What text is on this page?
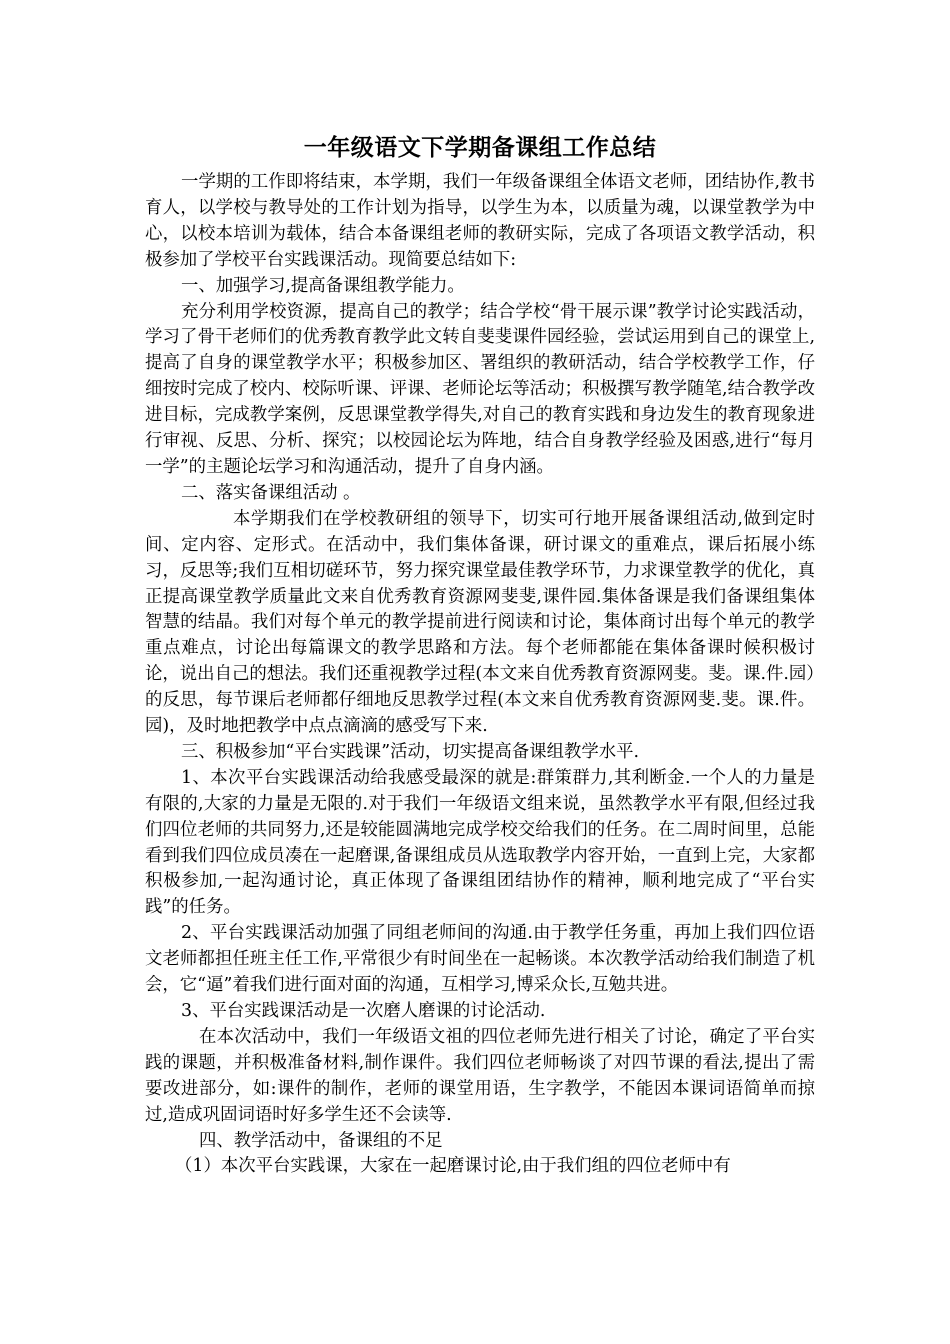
一年级语文下学期备课组工作总结

一学期的工作即将结束，本学期，我们一年级备课组全体语文老师，团结协作,教书育人，以学校与教导处的工作计划为指导，以学生为本，以质量为魂，以课堂教学为中心，以校本培训为载体，结合本备课组老师的教研实际，完成了各项语文教学活动，积极参加了学校平台实践课活动。现简要总结如下:

一、加强学习,提高备课组教学能力。

充分利用学校资源，提高自己的教学；结合学校“骨干展示课”教学讨论实践活动，学习了骨干老师们的优秀教育教学此文转自斐斐课件园经验，尝试运用到自己的课堂上,提高了自身的课堂教学水平；积极参加区、署组织的教研活动，结合学校教学工作，仔细按时完成了校内、校际听课、评课、老师论坛等活动；积极撰写教学随笔,结合教学改进目标，完成教学案例，反思课堂教学得失,对自己的教育实践和身边发生的教育现象进行审视、反思、分析、探究；以校园论坛为阵地，结合自身教学经验及困惑,进行“每月一学”的主题论坛学习和沟通活动，提升了自身内涵。

二、落实备课组活动 。

本学期我们在学校教研组的领导下，切实可行地开展备课组活动,做到定时间、定内容、定形式。在活动中，我们集体备课，研讨课文的重难点，课后拓展小练习，反思等;我们互相切磋环节，努力探究课堂最佳教学环节，力求课堂教学的优化，真正提高课堂教学质量此文来自优秀教育资源网斐斐,课件园.集体备课是我们备课组集体智慧的结晶。我们对每个单元的教学提前进行阅读和讨论，集体商讨出每个单元的教学重点难点，讨论出每篇课文的教学思路和方法。每个老师都能在集体备课时候积极讨论，说出自己的想法。我们还重视教学过程(本文来自优秀教育资源网斐。斐。课.件.园）的反思，每节课后老师都仔细地反思教学过程(本文来自优秀教育资源网斐.斐。课.件。园)，及时地把教学中点点滴滴的感受写下来.

三、积极参加“平台实践课”活动，切实提高备课组教学水平.

1、本次平台实践课活动给我感受最深的就是:群策群力,其利断金.一个人的力量是有限的,大家的力量是无限的.对于我们一年级语文组来说，虽然教学水平有限,但经过我们四位老师的共同努力,还是较能圆满地完成学校交给我们的任务。在二周时间里，总能看到我们四位成员凑在一起磨课,备课组成员从选取教学内容开始，一直到上完，大家都积极参加,一起沟通讨论，真正体现了备课组团结协作的精神，顺利地完成了“平台实践”的任务。

2、平台实践课活动加强了同组老师间的沟通.由于教学任务重，再加上我们四位语文老师都担任班主任工作,平常很少有时间坐在一起畅谈。本次教学活动给我们制造了机会，它“逼”着我们进行面对面的沟通，互相学习,博采众长,互勉共进。

3、平台实践课活动是一次磨人磨课的讨论活动.

在本次活动中，我们一年级语文祖的四位老师先进行相关了讨论，确定了平台实践的课题，并积极准备材料,制作课件。我们四位老师畅谈了对四节课的看法,提出了需要改进部分，如:课件的制作，老师的课堂用语，生字教学，不能因本课词语简单而掠过,造成巩固词语时好多学生还不会读等.

四、教学活动中，备课组的不足

（1）本次平台实践课，大家在一起磨课讨论,由于我们组的四位老师中有
